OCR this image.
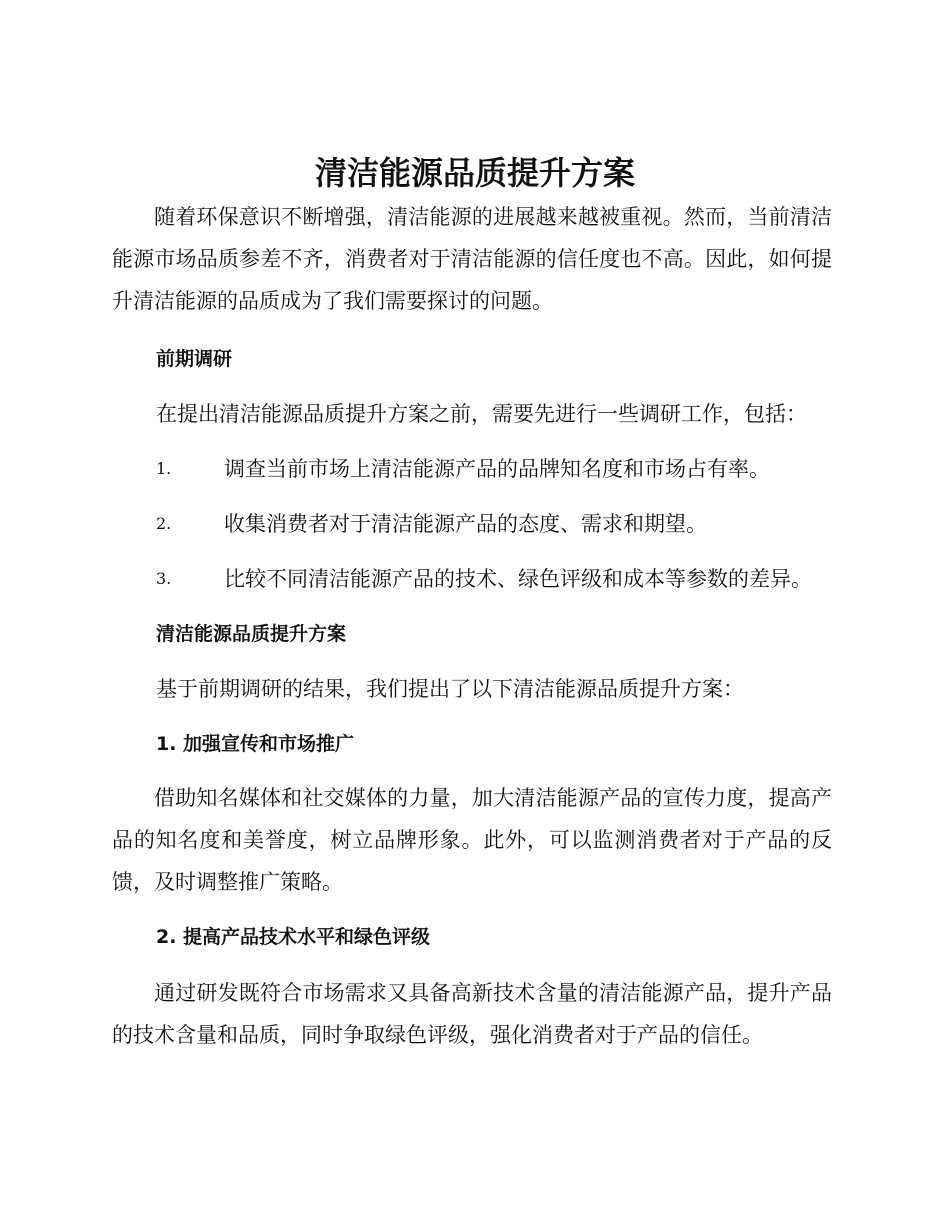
清洁能源品质提升方案

随着环保意识不断增强，清洁能源的进展越来越被重视。然而，当前清洁能源市场品质参差不齐，消费者对于清洁能源的信任度也不高。因此，如何提升清洁能源的品质成为了我们需要探讨的问题。

前期调研

在提出清洁能源品质提升方案之前，需要先进行一些调研工作，包括：

1.	调查当前市场上清洁能源产品的品牌知名度和市场占有率。
2.	收集消费者对于清洁能源产品的态度、需求和期望。
3.	比较不同清洁能源产品的技术、绿色评级和成本等参数的差异。
清洁能源品质提升方案

基于前期调研的结果，我们提出了以下清洁能源品质提升方案：

1. 加强宣传和市场推广

借助知名媒体和社交媒体的力量，加大清洁能源产品的宣传力度，提高产品的知名度和美誉度，树立品牌形象。此外，可以监测消费者对于产品的反馈，及时调整推广策略。

2. 提高产品技术水平和绿色评级

通过研发既符合市场需求又具备高新技术含量的清洁能源产品，提升产品的技术含量和品质，同时争取绿色评级，强化消费者对于产品的信任。
